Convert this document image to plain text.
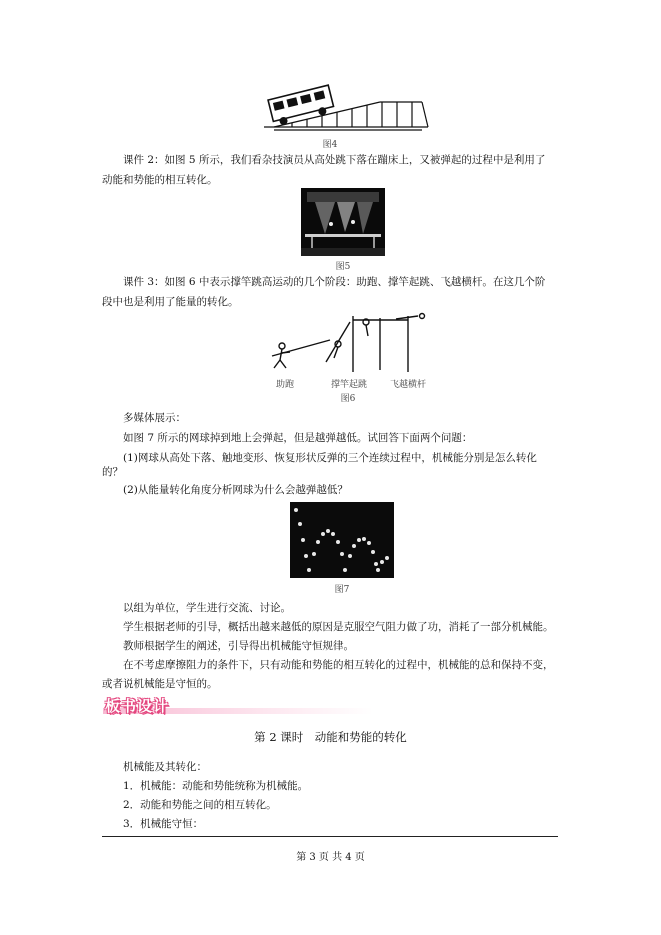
图4
课件 2：如图 5 所示，我们看杂技演员从高处跳下落在蹦床上，又被弹起的过程中是利用了
动能和势能的相互转化。
图5
课件 3：如图 6 中表示撑竿跳高运动的几个阶段：助跑、撑竿起跳、飞越横杆。在这几个阶
段中也是利用了能量的转化。
助跑	撑竿起跳	飞越横杆
图6
多媒体展示：
如图 7 所示的网球掉到地上会弹起，但是越弹越低。试回答下面两个问题：
(1)网球从高处下落、触地变形、恢复形状反弹的三个连续过程中，机械能分别是怎么转化
的？
(2)从能量转化角度分析网球为什么会越弹越低？
图7
以组为单位，学生进行交流、讨论。
学生根据老师的引导，概括出越来越低的原因是克服空气阻力做了功，消耗了一部分机械能。
教师根据学生的阐述，引导得出机械能守恒规律。
在不考虑摩擦阻力的条件下，只有动能和势能的相互转化的过程中，机械能的总和保持不变，
或者说机械能是守恒的。
板书设计
第 2 课时　动能和势能的转化
机械能及其转化：
1．机械能：动能和势能统称为机械能。
2．动能和势能之间的相互转化。
3．机械能守恒：
第 3 页 共 4 页
